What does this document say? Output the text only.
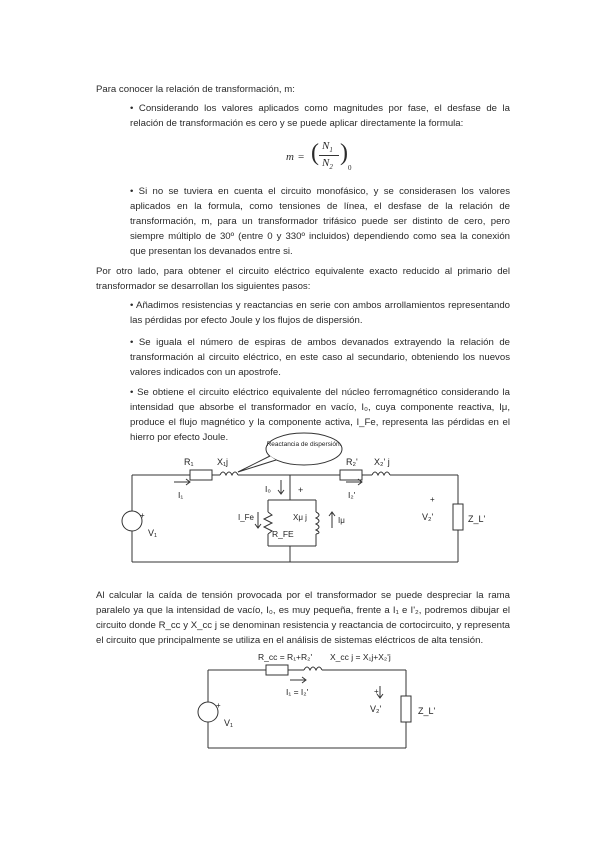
Para conocer la relación de transformación, m:

• Considerando los valores aplicados como magnitudes por fase, el desfase de la relación de transformación es cero y se puede aplicar directamente la formula:

m = ( $N_1$
$N_2$
)
0

• Si no se tuviera en cuenta el circuito monofásico, y se considerasen los valores aplicados en la formula, como tensiones de línea, el desfase de la relación de transformación, m, para un transformador trifásico puede ser distinto de cero, pero siempre múltiplo de 30º (entre 0 y 330º incluidos) dependiendo como sea la conexión que presentan los devanados entre si.

Por otro lado, para obtener el circuito eléctrico equivalente exacto reducido al primario del transformador se desarrollan los siguientes pasos:

• Añadimos resistencias y reactancias en serie con ambos arrollamientos representando las pérdidas por efecto Joule y los flujos de dispersión.

• Se iguala el número de espiras de ambos devanados extrayendo la relación de transformación al circuito eléctrico, en este caso al secundario, obteniendo los nuevos valores indicados con un apostrofe.

• Se obtiene el circuito eléctrico equivalente del núcleo ferromagnético considerando la intensidad que absorbe el transformador en vacío, I₀, cuya componente reactiva, Iμ, produce el flujo magnético y la componente activa, I_Fe, representa las pérdidas en el hierro por efecto Joule.

Reactancia de dispersión.
R₁	X₁j	R₂' X₂' j
I₁	I₂'
I₀	+
I_Fe	Iμ
R_FE
Xμ j
+
V₁
+
V₂'	Z_L'

Al calcular la caída de tensión provocada por el transformador se puede despreciar la rama paralelo ya que la intensidad de vacío, I₀, es muy pequeña, frente a I₁ e I'₂, podremos dibujar el circuito donde R_cc y X_cc j se denominan resistencia y reactancia de cortocircuito, y representa el circuito que principalmente se utiliza en el análisis de sistemas eléctricos de alta tensión.

R_cc = R₁+R₂' X_cc j = X₁j+X₂'j
I₁ = I₂'
+
V₁
+
V₂'	Z_L'
